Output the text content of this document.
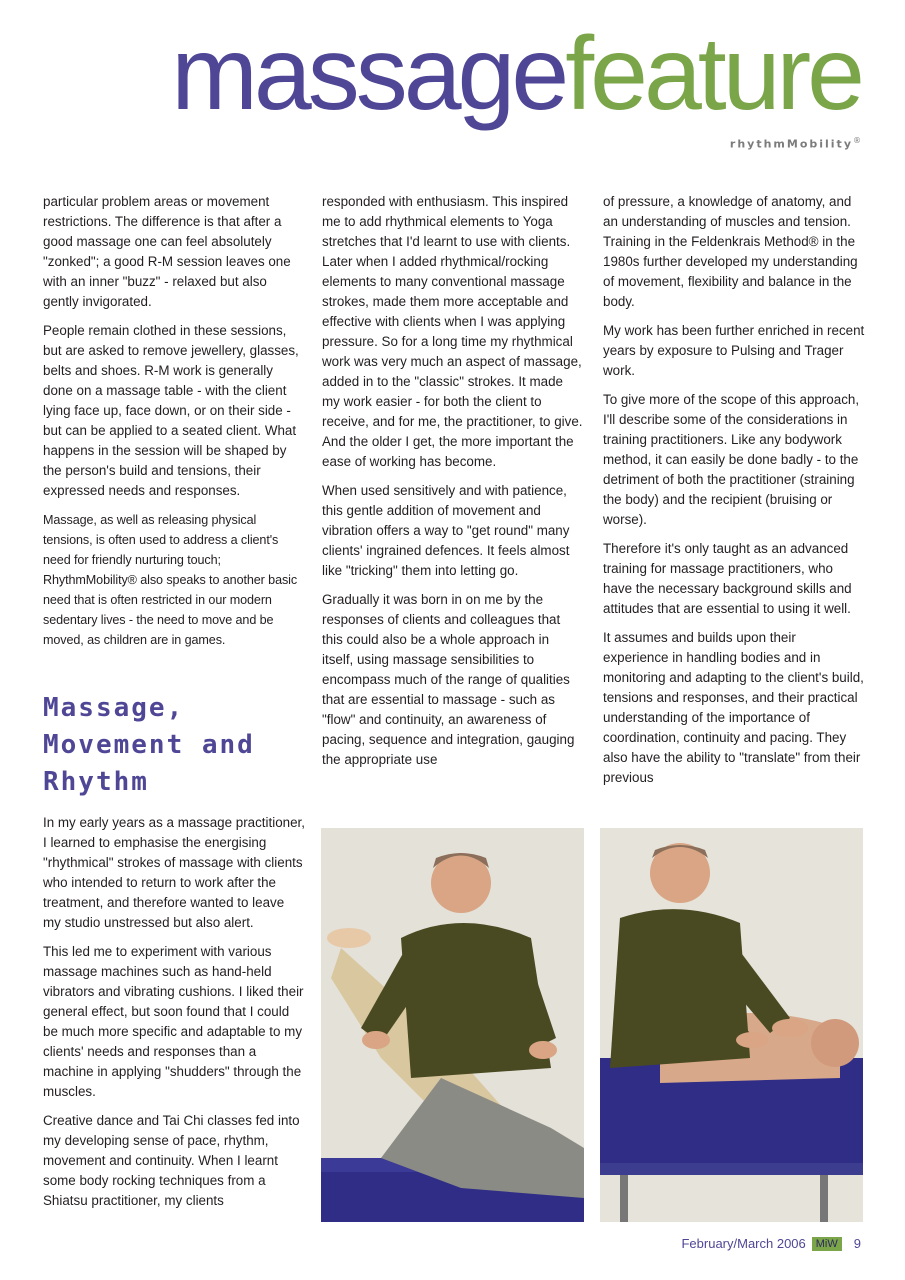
massagefeature
rhythmMobility®

particular problem areas or movement restrictions. The difference is that after a good massage one can feel absolutely "zonked"; a good R-M session leaves one with an inner "buzz" - relaxed but also gently invigorated.

People remain clothed in these sessions, but are asked to remove jewellery, glasses, belts and shoes. R-M work is generally done on a massage table - with the client lying face up, face down, or on their side - but can be applied to a seated client. What happens in the session will be shaped by the person's build and tensions, their expressed needs and responses.

Massage, as well as releasing physical tensions, is often used to address a client's need for friendly nurturing touch; RhythmMobility® also speaks to another basic need that is often restricted in our modern sedentary lives - the need to move and be moved, as children are in games.

Massage, Movement and Rhythm

In my early years as a massage practitioner, I learned to emphasise the energising "rhythmical" strokes of massage with clients who intended to return to work after the treatment, and therefore wanted to leave my studio unstressed but also alert.

This led me to experiment with various massage machines such as hand-held vibrators and vibrating cushions. I liked their general effect, but soon found that I could be much more specific and adaptable to my clients' needs and responses than a machine in applying "shudders" through the muscles.

Creative dance and Tai Chi classes fed into my developing sense of pace, rhythm, movement and continuity. When I learnt some body rocking techniques from a Shiatsu practitioner, my clients

responded with enthusiasm. This inspired me to add rhythmical elements to Yoga stretches that I'd learnt to use with clients. Later when I added rhythmical/rocking elements to many conventional massage strokes, made them more acceptable and effective with clients when I was applying pressure. So for a long time my rhythmical work was very much an aspect of massage, added in to the "classic" strokes. It made my work easier - for both the client to receive, and for me, the practitioner, to give. And the older I get, the more important the ease of working has become.

When used sensitively and with patience, this gentle addition of movement and vibration offers a way to "get round" many clients' ingrained defences. It feels almost like "tricking" them into letting go.

Gradually it was born in on me by the responses of clients and colleagues that this could also be a whole approach in itself, using massage sensibilities to encompass much of the range of qualities that are essential to massage - such as "flow" and continuity, an awareness of pacing, sequence and integration, gauging the appropriate use

of pressure, a knowledge of anatomy, and an understanding of muscles and tension. Training in the Feldenkrais Method® in the 1980s further developed my understanding of movement, flexibility and balance in the body.

My work has been further enriched in recent years by exposure to Pulsing and Trager work.

To give more of the scope of this approach, I'll describe some of the considerations in training practitioners. Like any bodywork method, it can easily be done badly - to the detriment of both the practitioner (straining the body) and the recipient (bruising or worse).

Therefore it's only taught as an advanced training for massage practitioners, who have the necessary background skills and attitudes that are essential to using it well.

It assumes and builds upon their experience in handling bodies and in monitoring and adapting to the client's build, tensions and responses, and their practical understanding of the importance of coordination, continuity and pacing. They also have the ability to "translate" from their previous

February/March 2006 MiW	9
